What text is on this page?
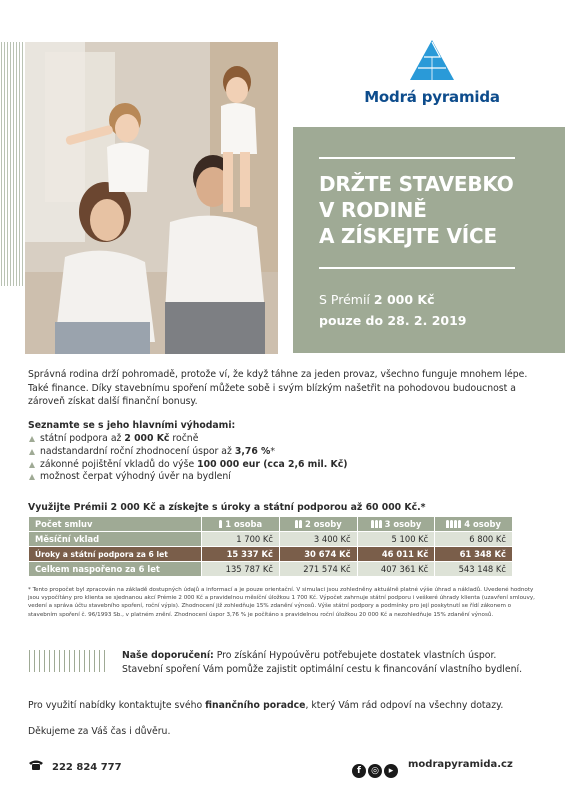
Modrá pyramida
DRŽTE STAVEBKO
V RODINĚ
A ZÍSKEJTE VÍCE
S Prémií 2 000 Kč
pouze do 28. 2. 2019
Správná rodina drží pohromadě, protože ví, že když táhne za jeden provaz, všechno funguje mnohem lépe. Také finance. Díky stavebnímu spoření můžete sobě i svým blízkým našetřit na pohodovou budoucnost a zároveň získat další finanční bonusy.
Seznamte se s jeho hlavními výhodami:
státní podpora až 2 000 Kč ročně
nadstandardní roční zhodnocení úspor až 3,76 %*
zákonné pojištění vkladů do výše 100 000 eur (cca 2,6 mil. Kč)
možnost čerpat výhodný úvěr na bydlení
Využijte Prémii 2 000 Kč a získejte s úroky a státní podporou až 60 000 Kč.*
Počet smluv	1 osoba	2 osoby	3 osoby	4 osoby
Měsíční vklad	1 700 Kč	3 400 Kč	5 100 Kč	6 800 Kč
Úroky a státní podpora za 6 let	15 337 Kč	30 674 Kč	46 011 Kč	61 348 Kč
Celkem naspořeno za 6 let	135 787 Kč	271 574 Kč	407 361 Kč	543 148 Kč
* Tento propočet byl zpracován na základě dostupných údajů a informací a je pouze orientační. V simulaci jsou zohledněny aktuálně platné výše úhrad a nákladů. Uvedené hodnoty jsou vypočítány pro klienta se sjednanou akcí Prémie 2 000 Kč a pravidelnou měsíční úložkou 1 700 Kč. Výpočet zahrnuje státní podporu i veškeré úhrady klienta (uzavření smlouvy, vedení a správa účtu stavebního spoření, roční výpis). Zhodnocení již zohledňuje 15% zdanění výnosů. Výše státní podpory a podmínky pro její poskytnutí se řídí zákonem o stavebním spoření č. 96/1993 Sb., v platném znění. Zhodnocení úspor 3,76 % je počítáno s pravidelnou roční úložkou 20 000 Kč a nezohledňuje 15% zdanění výnosů.
Naše doporučení: Pro získání Hypoúvěru potřebujete dostatek vlastních úspor.
Stavební spoření Vám pomůže zajistit optimální cestu k financování vlastního bydlení.
Pro využití nabídky kontaktujte svého finančního poradce, který Vám rád odpoví na všechny dotazy.
Děkujeme za Váš čas i důvěru.
222 824 777	f ◎ ▸
modrapyramida.cz
